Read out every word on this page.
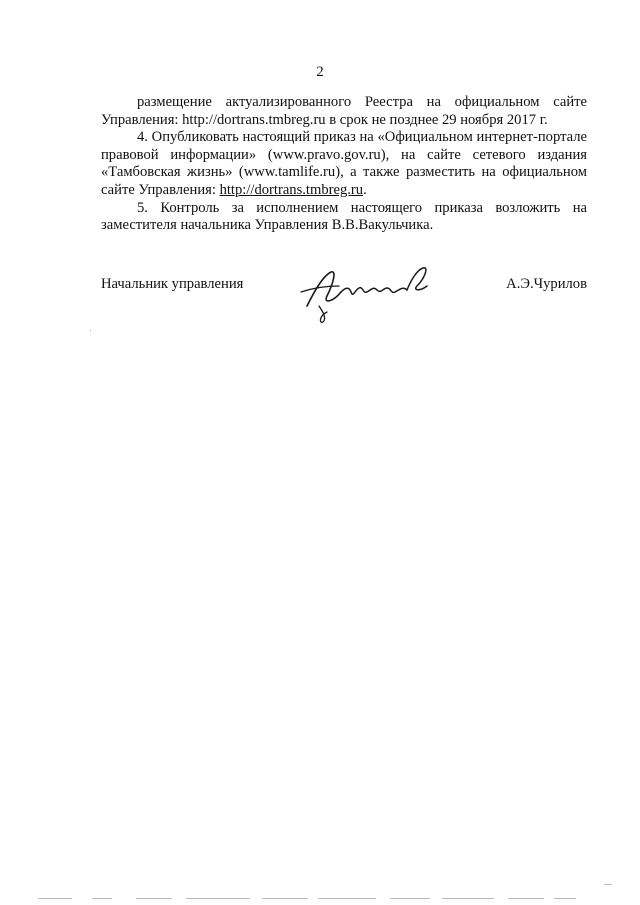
2

размещение актуализированного Реестра на официальном сайте Управления: http://dortrans.tmbreg.ru в срок не позднее 29 ноября 2017 г.

4. Опубликовать настоящий приказ на «Официальном интернет-портале правовой информации» (www.pravo.gov.ru), на сайте сетевого издания «Тамбовская жизнь» (www.tamlife.ru), а также разместить на официальном сайте Управления: http://dortrans.tmbreg.ru.

5. Контроль за исполнением настоящего приказа возложить на заместителя начальника Управления В.В.Вакульчика.

Начальник управления	А.Э.Чурилов
